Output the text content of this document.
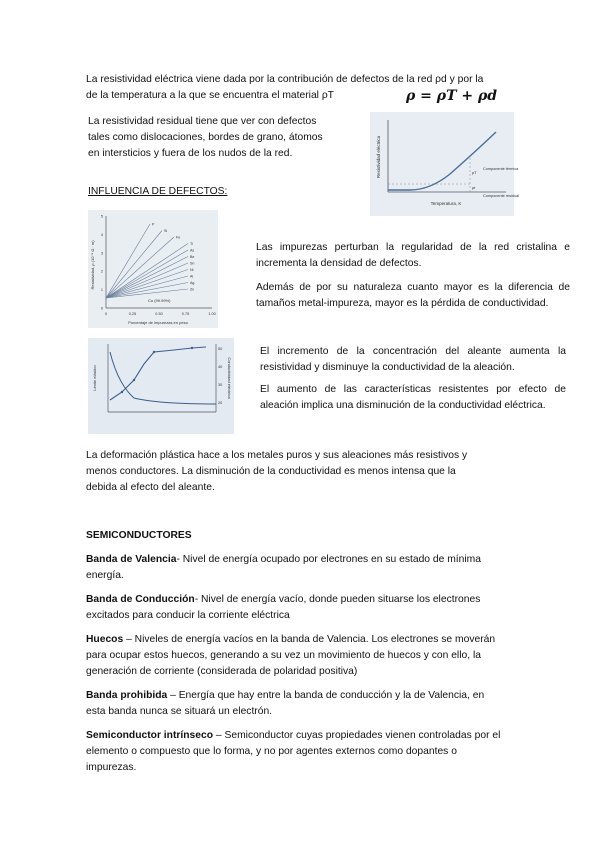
La resistividad eléctrica viene dada por la contribución de defectos de la red ρd y por la

de la temperatura a la que se encuentra el material ρT	ρ = ρT + ρd

La resistividad residual tiene que ver con defectos

tales como dislocaciones, bordes de grano, átomos

en intersticios y fuera de los nudos de la red.	Resistividad eléctrica
Temperatura, K
Componente térmica
Componente residual
ρT
ρr

INFLUENCIA DE DEFECTOS:

0	0.25	0.50	0.75	1.00
0
1
2
3
4
5
P
Si
Fe
Ti
As
Be
Sn
Ni
Al
Ag
Zn
Resistividad, ρ (10⁻⁸ Ω · m)
Porcentaje de impurezas en peso
Cu (99.99%)

Las impurezas perturban la regularidad de la red cristalina e incrementa la densidad de defectos.

Además de por su naturaleza cuanto mayor es la diferencia de tamaños metal-impureza, mayor es la pérdida de conductividad.

Límite elástico	Conductividad eléctrica
50
40
30
20

El incremento de la concentración del aleante aumenta la resistividad y disminuye la conductividad de la aleación.

El aumento de las características resistentes por efecto de aleación implica una disminución de la conductividad eléctrica.

La deformación plástica hace a los metales puros y sus aleaciones más resistivos y

menos conductores. La disminución de la conductividad es menos intensa que la

debida al efecto del aleante.

SEMICONDUCTORES

Banda de Valencia- Nivel de energía ocupado por electrones en su estado de mínima energía.

Banda de Conducción- Nivel de energía vacío, donde pueden situarse los electrones excitados para conducir la corriente eléctrica

Huecos – Niveles de energía vacíos en la banda de Valencia. Los electrones se moverán para ocupar estos huecos, generando a su vez un movimiento de huecos y con ello, la generación de corriente (considerada de polaridad positiva)

Banda prohibida – Energía que hay entre la banda de conducción y la de Valencia, en esta banda nunca se situará un electrón.

Semiconductor intrínseco – Semiconductor cuyas propiedades vienen controladas por el elemento o compuesto que lo forma, y no por agentes externos como dopantes o impurezas.
